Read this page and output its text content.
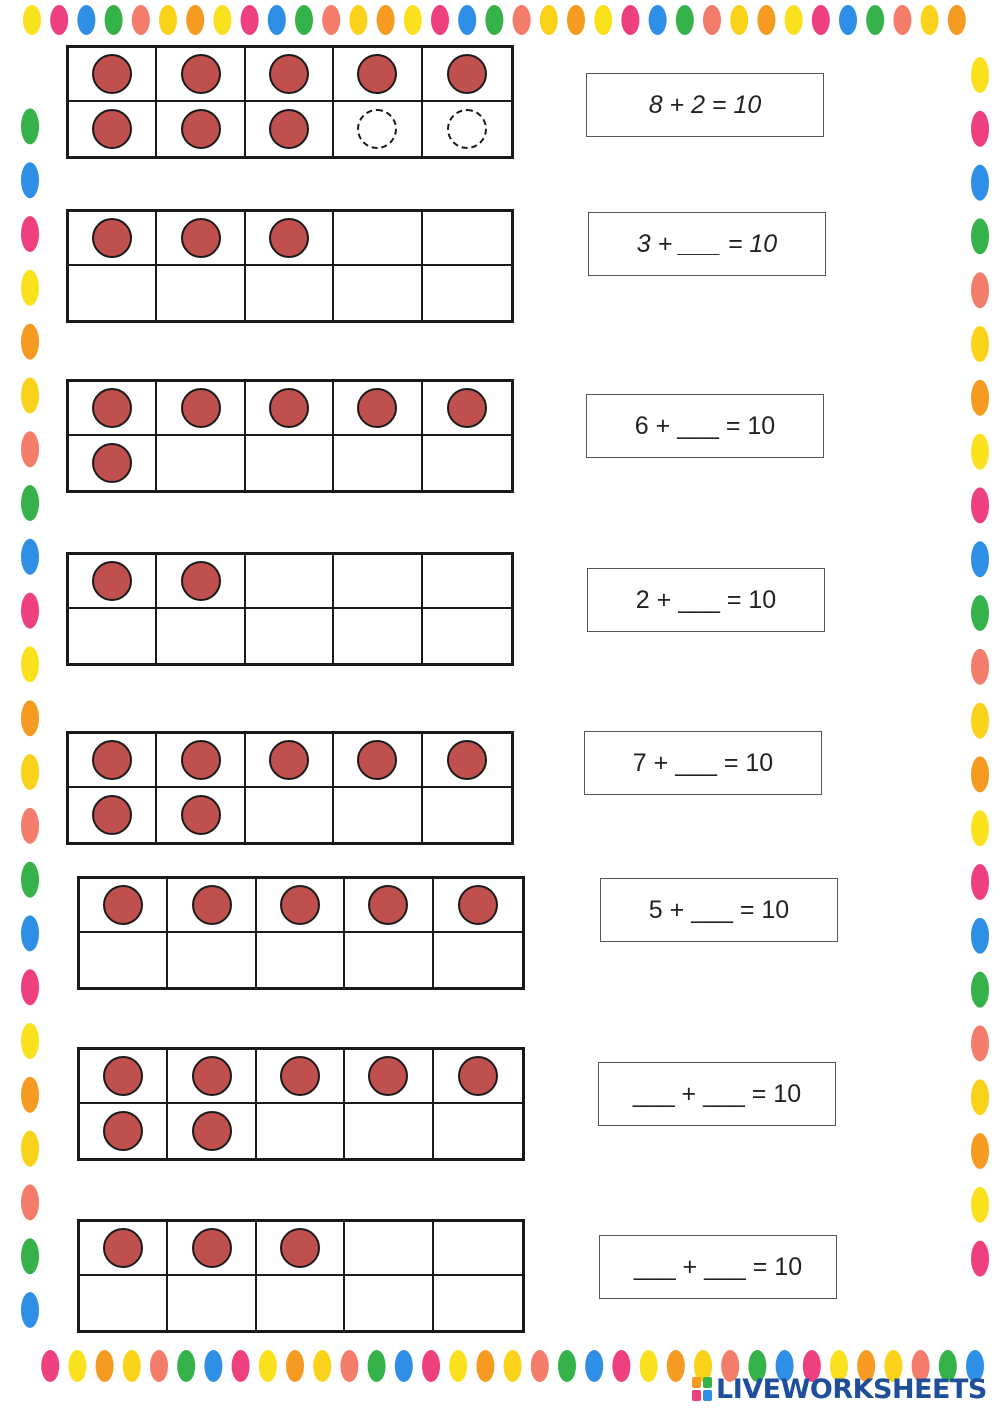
8 + 2 = 10
3 + ___ = 10
6 + ___ = 10
2 + ___ = 10
7 + ___ = 10
5 + ___ = 10
___ + ___ = 10
___ + ___ = 10
LIVEWORKSHEETS
